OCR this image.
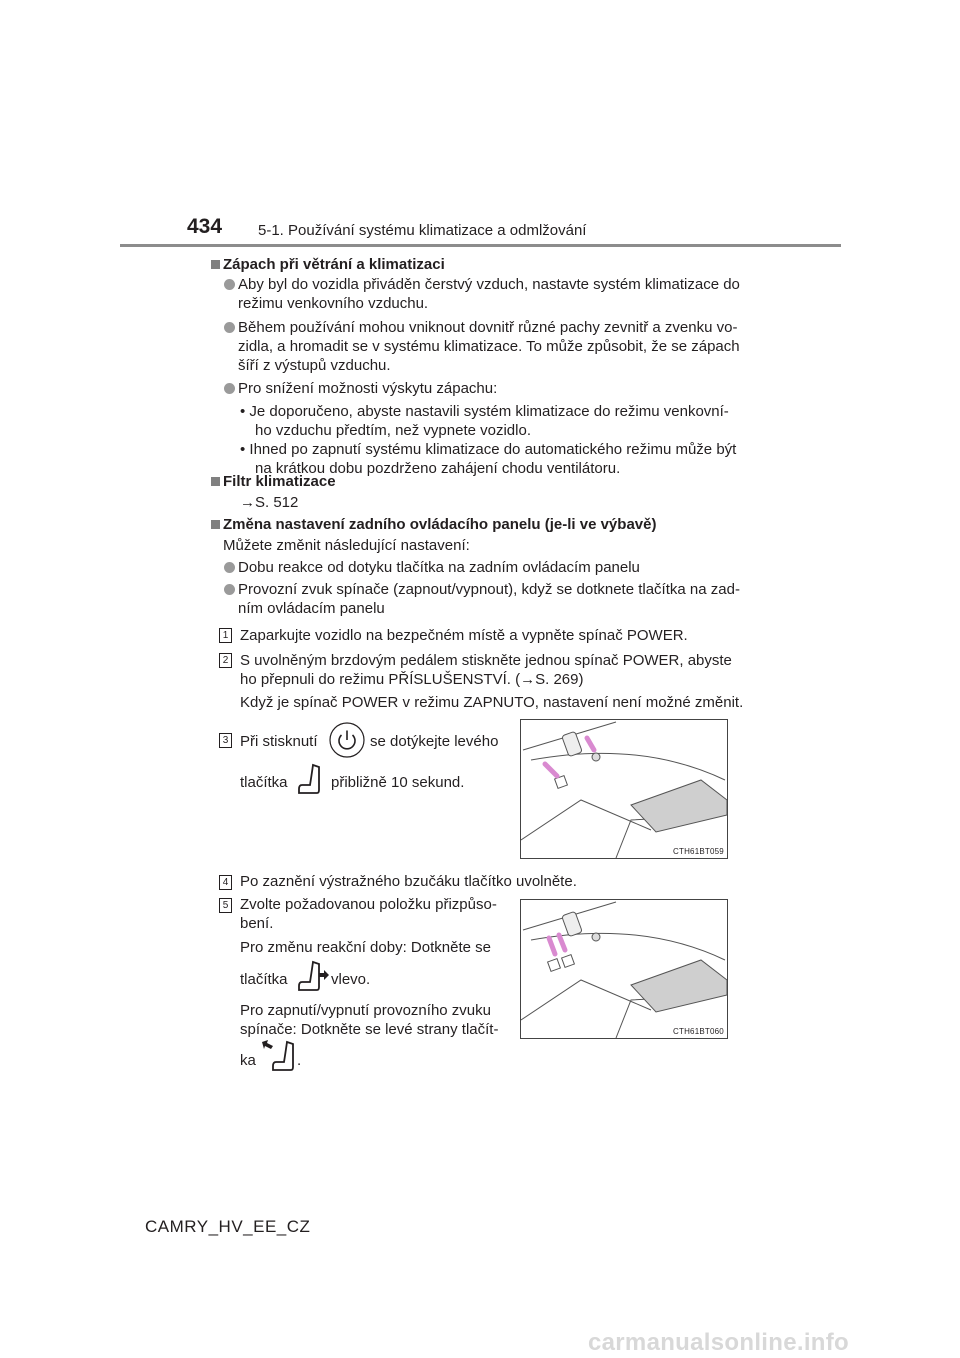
434 5-1. Používání systému klimatizace a odmlžování
Zápach při větrání a klimatizaci
Aby byl do vozidla přiváděn čerstvý vzduch, nastavte systém klimatizace do
režimu venkovního vzduchu.
Během používání mohou vniknout dovnitř různé pachy zevnitř a zvenku vo-
zidla, a hromadit se v systému klimatizace. To může způsobit, že se zápach
šíří z výstupů vzduchu.
Pro snížení možnosti výskytu zápachu:
• Je doporučeno, abyste nastavili systém klimatizace do režimu venkovní-
ho vzduchu předtím, než vypnete vozidlo.
• Ihned po zapnutí systému klimatizace do automatického režimu může být
na krátkou dobu pozdrženo zahájení chodu ventilátoru.
Filtr klimatizace
→S. 512
Změna nastavení zadního ovládacího panelu (je-li ve výbavě)
Můžete změnit následující nastavení:
Dobu reakce od dotyku tlačítka na zadním ovládacím panelu
Provozní zvuk spínače (zapnout/vypnout), když se dotknete tlačítka na zad-
ním ovládacím panelu
1 Zaparkujte vozidlo na bezpečném místě a vypněte spínač POWER.
2 S uvolněným brzdovým pedálem stiskněte jednou spínač POWER, abyste
ho přepnuli do režimu PŘÍSLUŠENSTVÍ. (→S. 269)
Když je spínač POWER v režimu ZAPNUTO, nastavení není možné změnit.
3 Při stisknutí	se dotýkejte levého
tlačítka	přibližně 10 sekund.
CTH61BT059
4 Po zaznění výstražného bzučáku tlačítko uvolněte.
5 Zvolte požadovanou položku přizpůso-
bení.
Pro změnu reakční doby: Dotkněte se
tlačítka	vlevo.
Pro zapnutí/vypnutí provozního zvuku
spínače: Dotkněte se levé strany tlačít-
ka	.
CTH61BT060
CAMRY_HV_EE_CZ
carmanualsonline.info
